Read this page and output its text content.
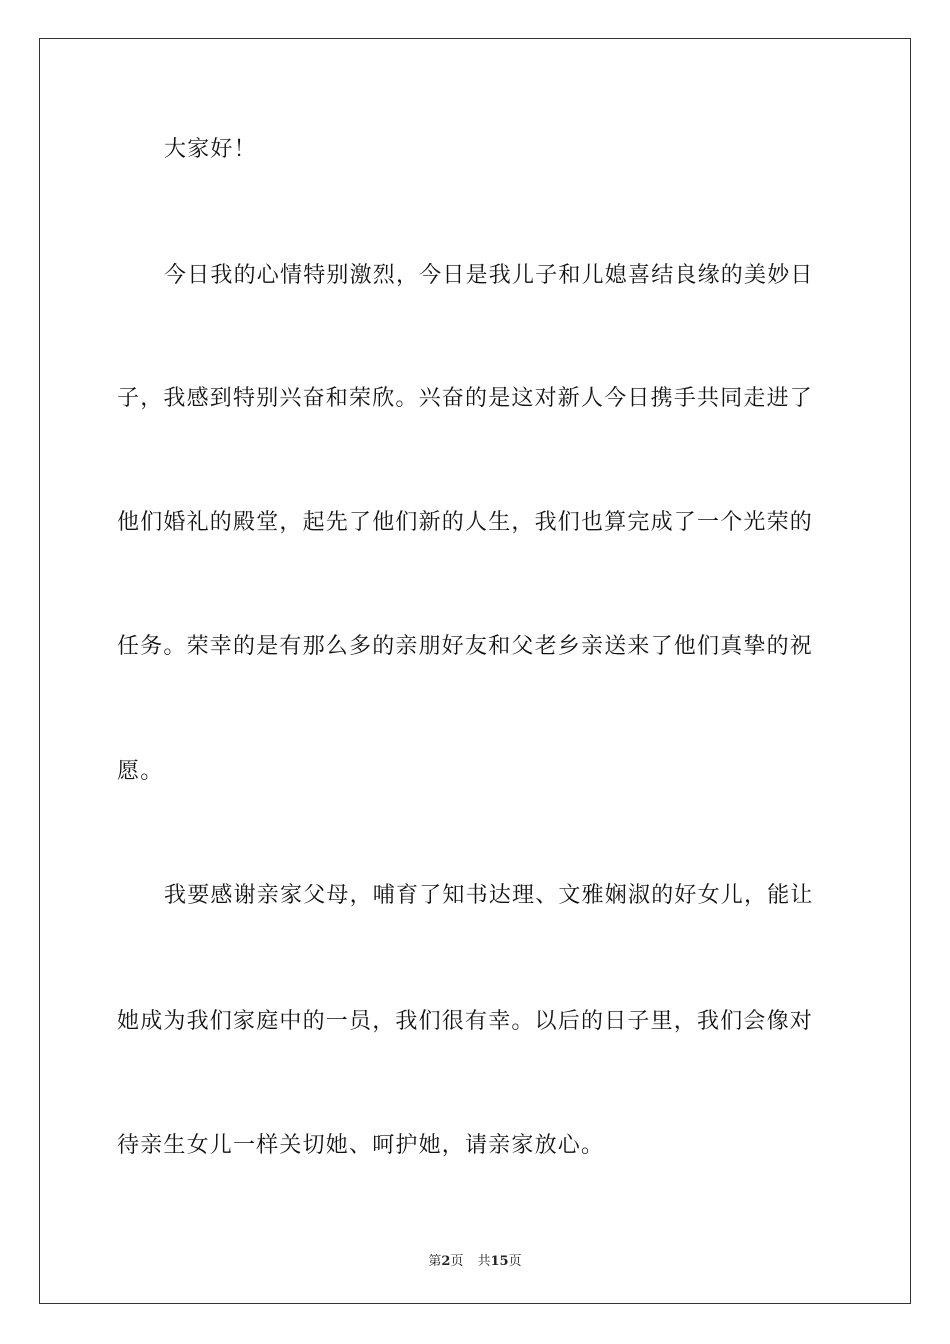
大家好！
今日我的心情特别激烈，今日是我儿子和儿媳喜结良缘的美妙日
子，我感到特别兴奋和荣欣。兴奋的是这对新人今日携手共同走进了
他们婚礼的殿堂，起先了他们新的人生，我们也算完成了一个光荣的
任务。荣幸的是有那么多的亲朋好友和父老乡亲送来了他们真挚的祝
愿。
我要感谢亲家父母，哺育了知书达理、文雅娴淑的好女儿，能让
她成为我们家庭中的一员，我们很有幸。以后的日子里，我们会像对
待亲生女儿一样关切她、呵护她，请亲家放心。
第2页 共15页
